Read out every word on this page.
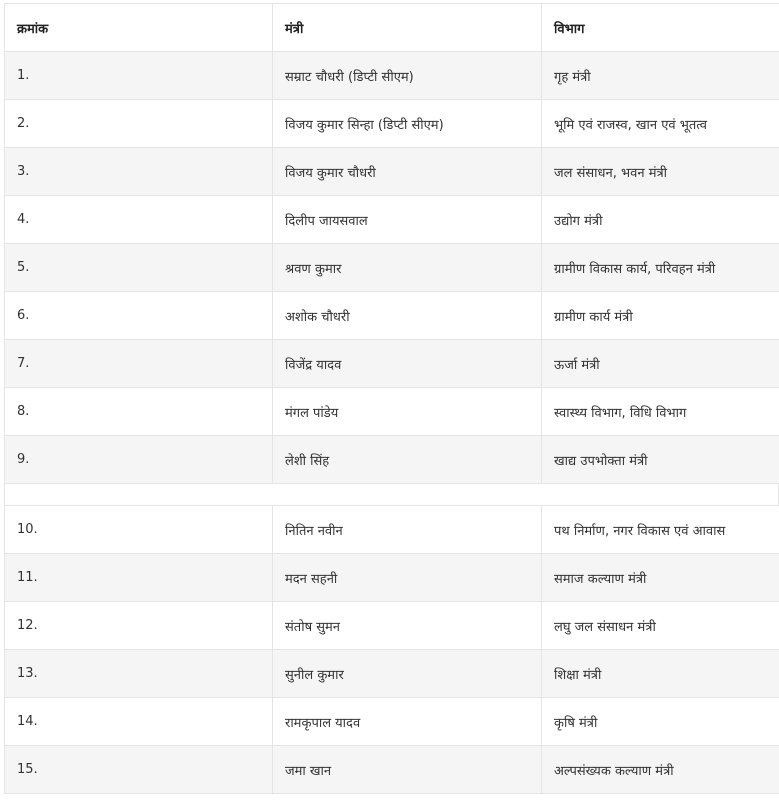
क्रमांक	मंत्री	विभाग
1.	सम्राट चौधरी (डिप्टी सीएम)	गृह मंत्री
2.	विजय कुमार सिन्हा (डिप्टी सीएम)	भूमि एवं राजस्व, खान एवं भूतत्व
3.	विजय कुमार चौधरी	जल संसाधन, भवन मंत्री
4.	दिलीप जायसवाल	उद्योग मंत्री
5.	श्रवण कुमार	ग्रामीण विकास कार्य, परिवहन मंत्री
6.	अशोक चौधरी	ग्रामीण कार्य मंत्री
7.	विजेंद्र यादव	ऊर्जा मंत्री
8.	मंगल पांडेय	स्वास्थ्य विभाग, विधि विभाग
9.	लेशी सिंह	खाद्य उपभोक्ता मंत्री
10.	नितिन नवीन	पथ निर्माण, नगर विकास एवं आवास
11.	मदन सहनी	समाज कल्याण मंत्री
12.	संतोष सुमन	लघु जल संसाधन मंत्री
13.	सुनील कुमार	शिक्षा मंत्री
14.	रामकृपाल यादव	कृषि मंत्री
15.	जमा खान	अल्पसंख्यक कल्याण मंत्री
